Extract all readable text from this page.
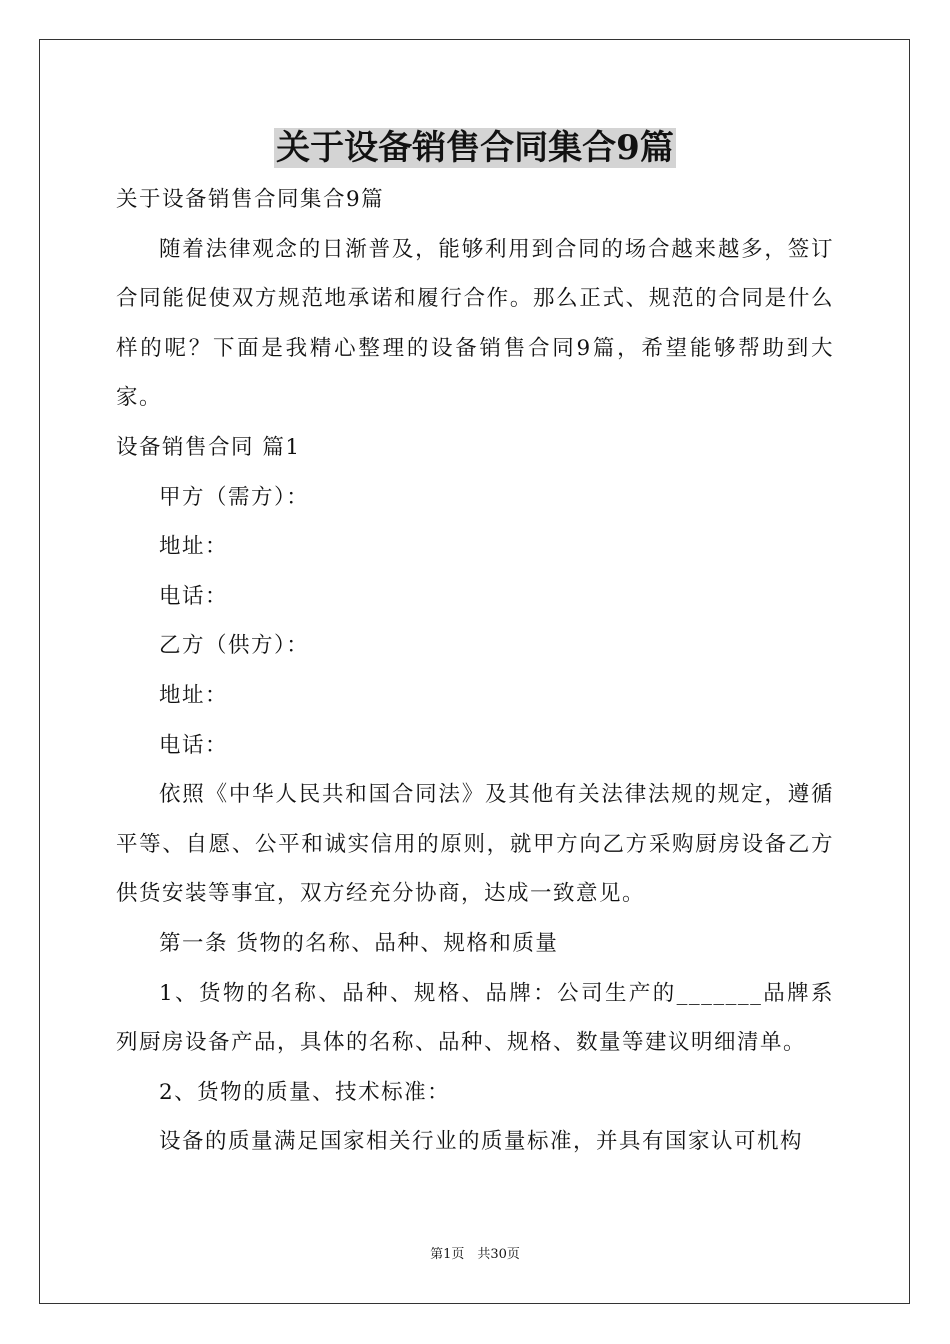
关于设备销售合同集合9篇

关于设备销售合同集合9篇

随着法律观念的日渐普及，能够利用到合同的场合越来越多，签订合同能促使双方规范地承诺和履行合作。那么正式、规范的合同是什么样的呢？下面是我精心整理的设备销售合同9篇，希望能够帮助到大家。

设备销售合同 篇1

甲方（需方）：

地址：

电话：

乙方（供方）：

地址：

电话：

依照《中华人民共和国合同法》及其他有关法律法规的规定，遵循平等、自愿、公平和诚实信用的原则，就甲方向乙方采购厨房设备乙方供货安装等事宜，双方经充分协商，达成一致意见。

第一条 货物的名称、品种、规格和质量

1、货物的名称、品种、规格、品牌：公司生产的_______品牌系列厨房设备产品，具体的名称、品种、规格、数量等建议明细清单。

2、货物的质量、技术标准：

设备的质量满足国家相关行业的质量标准，并具有国家认可机构

第1页　共30页
